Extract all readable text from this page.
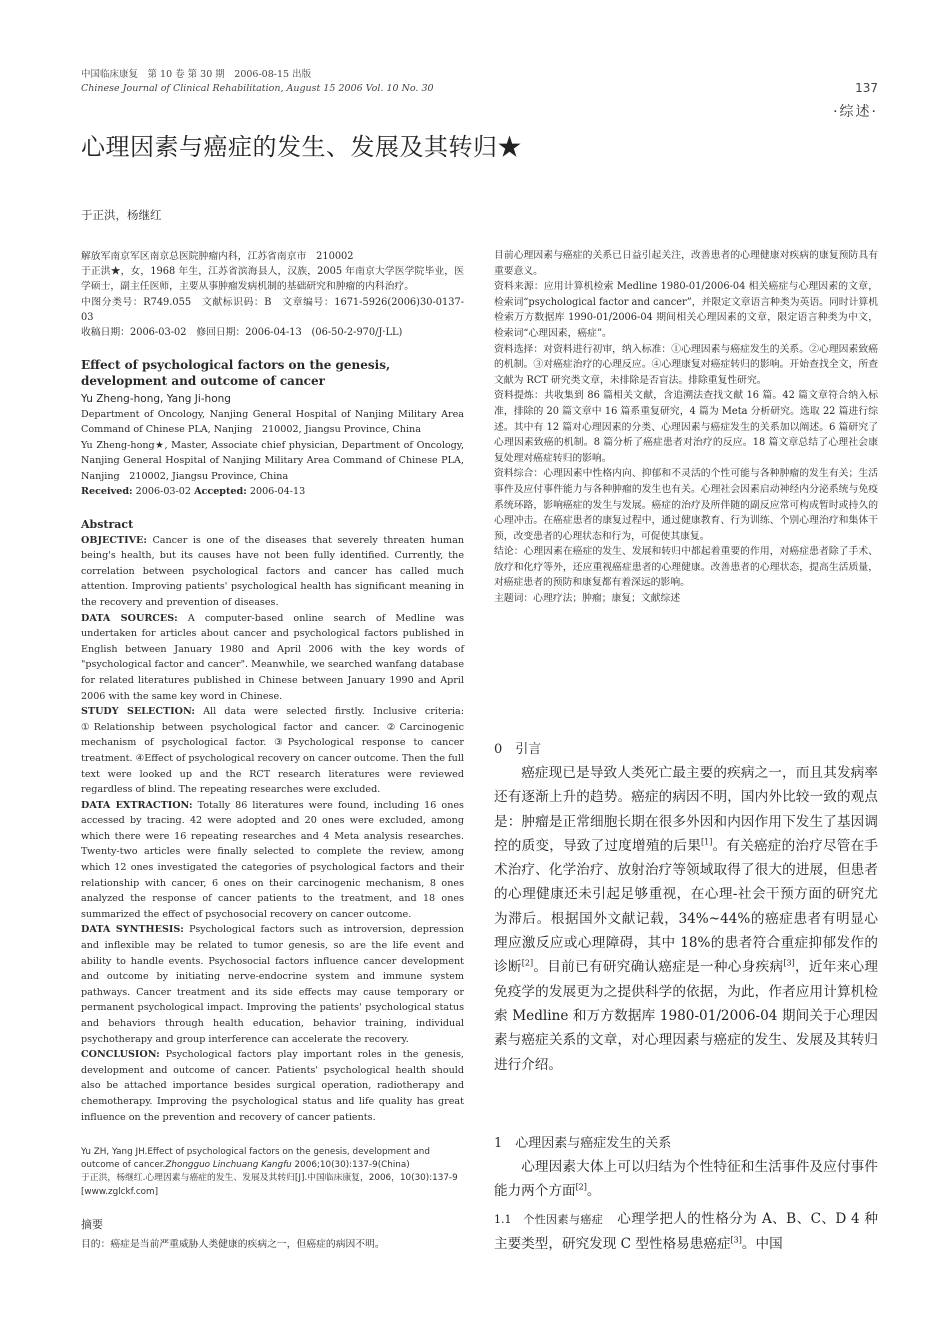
中国临床康复　第 10 卷 第 30 期　2006-08-15 出版
Chinese Journal of Clinical Rehabilitation, August 15 2006 Vol. 10 No. 30	137
·综述·
心理因素与癌症的发生、发展及其转归★
于正洪，杨继红
解放军南京军区南京总医院肿瘤内科，江苏省南京市　210002
于正洪★，女，1968 年生，江苏省滨海县人，汉族，2005 年南京大学医学院毕业，医学硕士，副主任医师，主要从事肿瘤发病机制的基础研究和肿瘤的内科治疗。
中图分类号：R749.055　文献标识码：B　文章编号：1671-5926(2006)30-0137-03
收稿日期：2006-03-02　修回日期：2006-04-13　(06-50-2-970/J·LL)
Effect of psychological factors on the genesis, development and outcome of cancer
Yu Zheng-hong, Yang Ji-hong
Department of Oncology, Nanjing General Hospital of Nanjing Military Area Command of Chinese PLA, Nanjing　210002, Jiangsu Province, China
Yu Zheng-hong★, Master, Associate chief physician, Department of Oncology, Nanjing General Hospital of Nanjing Military Area Command of Chinese PLA, Nanjing　210002, Jiangsu Province, China
Received: 2006-03-02 Accepted: 2006-04-13
Abstract
OBJECTIVE: Cancer is one of the diseases that severely threaten human being's health, but its causes have not been fully identified. Currently, the correlation between psychological factors and cancer has called much attention. Improving patients' psychological health has significant meaning in the recovery and prevention of diseases.
DATA SOURCES: A computer-based online search of Medline was undertaken for articles about cancer and psychological factors published in English between January 1980 and April 2006 with the key words of "psychological factor and cancer". Meanwhile, we searched wanfang database for related literatures published in Chinese between January 1990 and April 2006 with the same key word in Chinese.
STUDY SELECTION: All data were selected firstly. Inclusive criteria: ①Relationship between psychological factor and cancer. ②Carcinogenic mechanism of psychological factor. ③Psychological response to cancer treatment. ④Effect of psychological recovery on cancer outcome. Then the full text were looked up and the RCT research literatures were reviewed regardless of blind. The repeating researches were excluded.
DATA EXTRACTION: Totally 86 literatures were found, including 16 ones accessed by tracing. 42 were adopted and 20 ones were excluded, among which there were 16 repeating researches and 4 Meta analysis researches. Twenty-two articles were finally selected to complete the review, among which 12 ones investigated the categories of psychological factors and their relationship with cancer, 6 ones on their carcinogenic mechanism, 8 ones analyzed the response of cancer patients to the treatment, and 18 ones summarized the effect of psychosocial recovery on cancer outcome.
DATA SYNTHESIS: Psychological factors such as introversion, depression and inflexible may be related to tumor genesis, so are the life event and ability to handle events. Psychosocial factors influence cancer development and outcome by initiating nerve-endocrine system and immune system pathways. Cancer treatment and its side effects may cause temporary or permanent psychological impact. Improving the patients' psychological status and behaviors through health education, behavior training, individual psychotherapy and group interference can accelerate the recovery.
CONCLUSION: Psychological factors play important roles in the genesis, development and outcome of cancer. Patients' psychological health should also be attached importance besides surgical operation, radiotherapy and chemotherapy. Improving the psychological status and life quality has great influence on the prevention and recovery of cancer patients.
Yu ZH, Yang JH.Effect of psychological factors on the genesis, development and outcome of cancer.Zhongguo Linchuang Kangfu 2006;10(30):137-9(China)
于正洪，杨继红.心理因素与癌症的发生、发展及其转归[J].中国临床康复，2006，10(30):137-9　[www.zglckf.com]
摘要
目的：癌症是当前严重威胁人类健康的疾病之一，但癌症的病因不明。

目前心理因素与癌症的关系已日益引起关注，改善患者的心理健康对疾病的康复预防具有重要意义。

资料来源：应用计算机检索 Medline 1980-01/2006-04 相关癌症与心理因素的文章，检索词“psychological factor and cancer”，并限定文章语言种类为英语。同时计算机检索万方数据库 1990-01/2006-04 期间相关心理因素的文章，限定语言种类为中文，检索词“心理因素，癌症”。

资料选择：对资料进行初审，纳入标准：①心理因素与癌症发生的关系。②心理因素致癌的机制。③对癌症治疗的心理反应。④心理康复对癌症转归的影响。开始查找全文，所查文献为 RCT 研究类文章，未排除是否盲法。排除重复性研究。

资料提炼：共收集到 86 篇相关文献，含追溯法查找文献 16 篇。42 篇文章符合纳入标准，排除的 20 篇文章中 16 篇系重复研究，4 篇为 Meta 分析研究。选取 22 篇进行综述。其中有 12 篇对心理因素的分类、心理因素与癌症发生的关系加以阐述。6 篇研究了心理因素致癌的机制。8 篇分析了癌症患者对治疗的反应。18 篇文章总结了心理社会康复处理对癌症转归的影响。

资料综合：心理因素中性格内向、抑郁和不灵活的个性可能与各种肿瘤的发生有关；生活事件及应付事件能力与各种肿瘤的发生也有关。心理社会因素启动神经内分泌系统与免疫系统环路，影响癌症的发生与发展。癌症的治疗及所伴随的副反应常可构成暂时或持久的心理冲击。在癌症患者的康复过程中，通过健康教育、行为训练、个别心理治疗和集体干预，改变患者的心理状态和行为，可促使其康复。

结论：心理因素在癌症的发生、发展和转归中都起着重要的作用，对癌症患者除了手术、放疗和化疗等外，还应重视癌症患者的心理健康。改善患者的心理状态，提高生活质量，对癌症患者的预防和康复都有着深远的影响。

主题词：心理疗法；肿瘤；康复；文献综述

0　引言

癌症现已是导致人类死亡最主要的疾病之一，而且其发病率还有逐渐上升的趋势。癌症的病因不明，国内外比较一致的观点是：肿瘤是正常细胞长期在很多外因和内因作用下发生了基因调控的质变，导致了过度增殖的后果[1]。有关癌症的治疗尽管在手术治疗、化学治疗、放射治疗等领域取得了很大的进展，但患者的心理健康还未引起足够重视，在心理-社会干预方面的研究尤为滞后。根据国外文献记载，34%~44%的癌症患者有明显心理应激反应或心理障碍，其中 18%的患者符合重症抑郁发作的诊断[2]。目前已有研究确认癌症是一种心身疾病[3]，近年来心理免疫学的发展更为之提供科学的依据，为此，作者应用计算机检索 Medline 和万方数据库 1980-01/2006-04 期间关于心理因素与癌症关系的文章，对心理因素与癌症的发生、发展及其转归进行介绍。

1　心理因素与癌症发生的关系

心理因素大体上可以归结为个性特征和生活事件及应付事件能力两个方面[2]。

1.1　个性因素与癌症　心理学把人的性格分为 A、B、C、D 4 种主要类型，研究发现 C 型性格易患癌症[3]。中国
